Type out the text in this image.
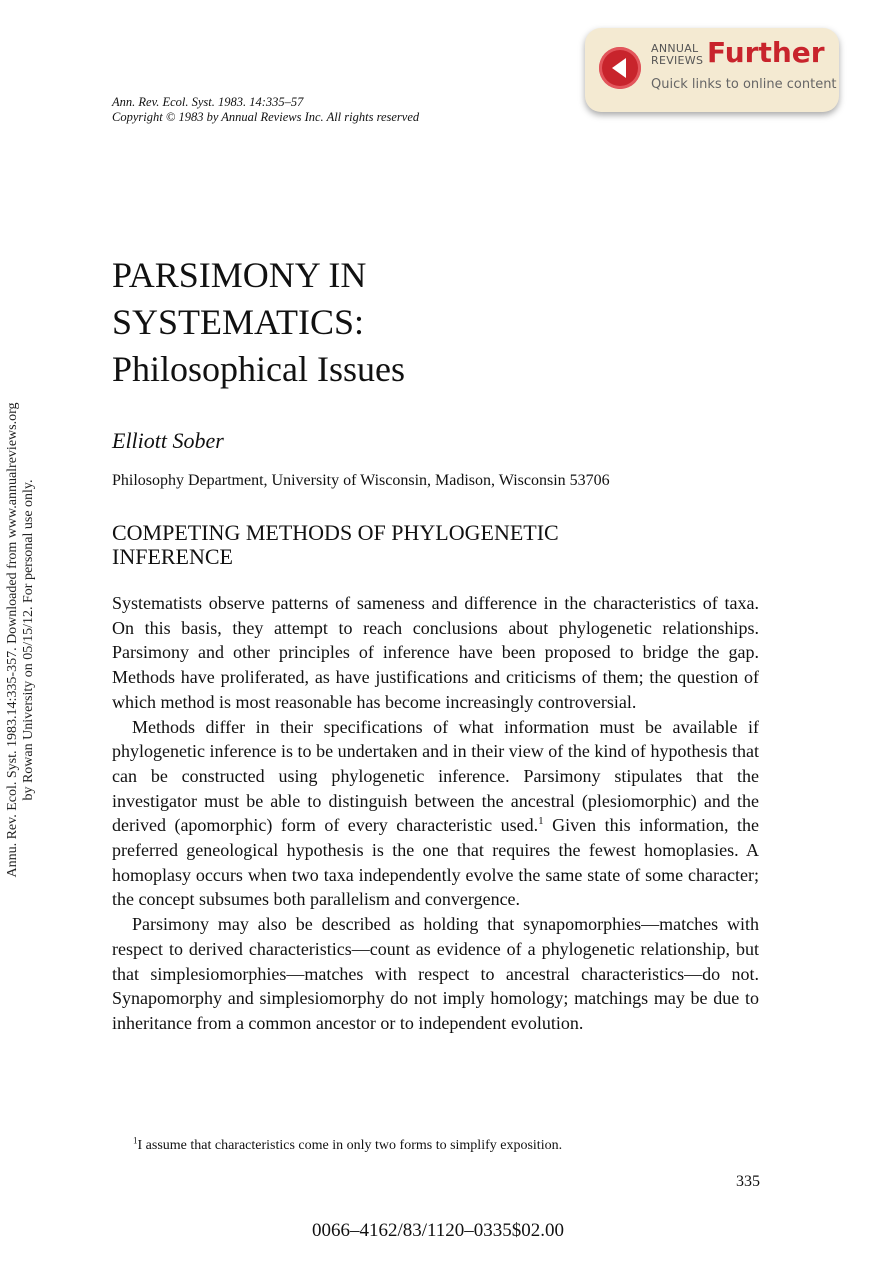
Ann. Rev. Ecol. Syst. 1983. 14:335–57
Copyright © 1983 by Annual Reviews Inc. All rights reserved
ANNUAL
REVIEWS Further
Quick links to online content
Annu. Rev. Ecol. Syst. 1983.14:335-357. Downloaded from www.annualreviews.org by Rowan University on 05/15/12. For personal use only.
PARSIMONY IN
SYSTEMATICS:
Philosophical Issues
Elliott Sober
Philosophy Department, University of Wisconsin, Madison, Wisconsin 53706
COMPETING METHODS OF PHYLOGENETIC
INFERENCE

Systematists observe patterns of sameness and difference in the characteristics of taxa. On this basis, they attempt to reach conclusions about phylogenetic relationships. Parsimony and other principles of inference have been proposed to bridge the gap. Methods have proliferated, as have justifications and criticisms of them; the question of which method is most reasonable has become increasingly controversial.

Methods differ in their specifications of what information must be available if phylogenetic inference is to be undertaken and in their view of the kind of hypothesis that can be constructed using phylogenetic inference. Parsimony stipulates that the investigator must be able to distinguish between the ancestral (plesiomorphic) and the derived (apomorphic) form of every characteristic used.$^1$ Given this information, the preferred geneological hypothesis is the one that requires the fewest homoplasies. A homoplasy occurs when two taxa independently evolve the same state of some character; the concept subsumes both parallelism and convergence.

Parsimony may also be described as holding that synapomorphies—matches with respect to derived characteristics—count as evidence of a phylogenetic relationship, but that simplesiomorphies—matches with respect to ancestral characteristics—do not. Synapomorphy and simplesiomorphy do not imply homology; matchings may be due to inheritance from a common ancestor or to independent evolution.

$^1$I assume that characteristics come in only two forms to simplify exposition.
335
0066–4162/83/1120–0335$02.00
